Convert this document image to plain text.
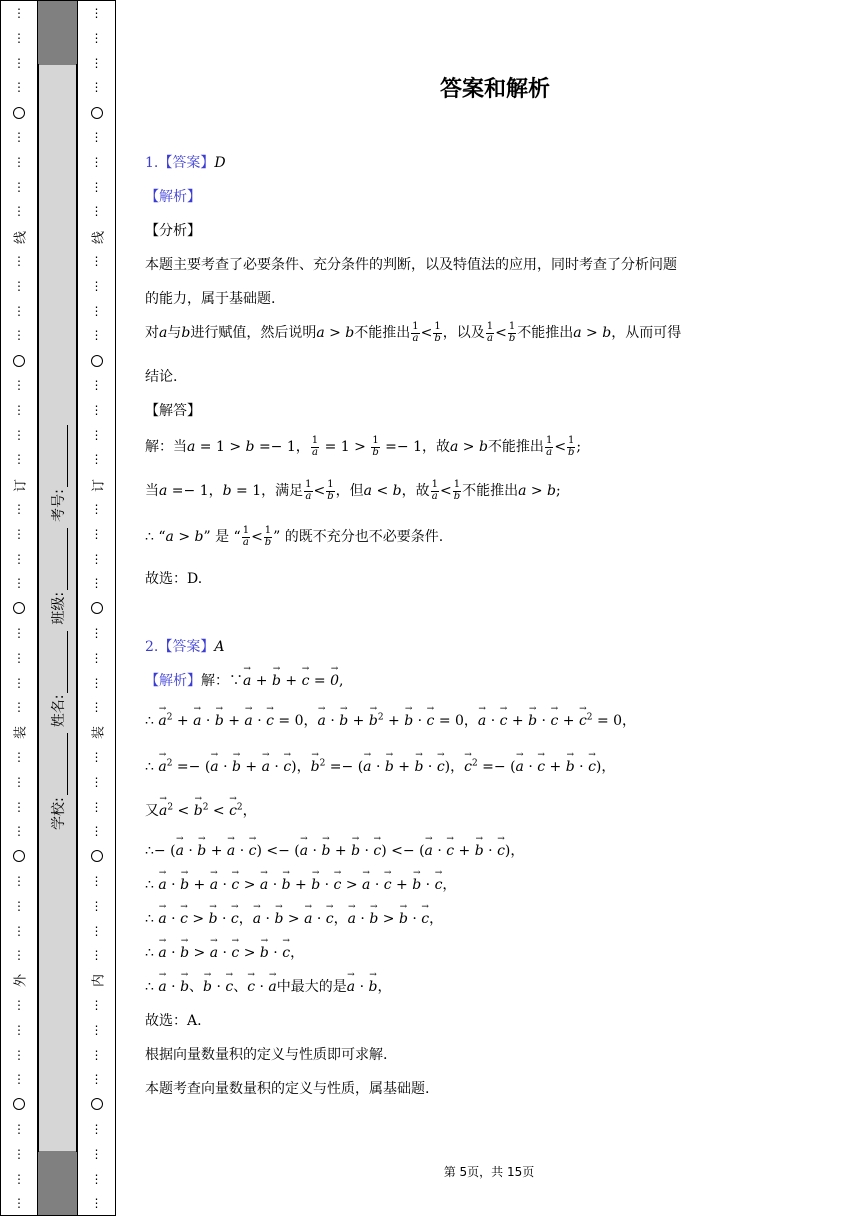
⋮
⋮
⋮
⋮
⋮
⋮
⋮
⋮
⋮
⋮
⋮
⋮
⋮
⋮
⋮
⋮
⋮
⋮
⋮
⋮
⋮
⋮
⋮
⋮
⋮
⋮
⋮
⋮
⋮
⋮
⋮
⋮
⋮
⋮
⋮
⋮
⋮
⋮
⋮
⋮
线
订
装
外
⋮
⋮
⋮
⋮
⋮
⋮
⋮
⋮
⋮
⋮
⋮
⋮
⋮
⋮
⋮
⋮
⋮
⋮
⋮
⋮
⋮
⋮
⋮
⋮
⋮
⋮
⋮
⋮
⋮
⋮
⋮
⋮
⋮
⋮
⋮
⋮
⋮
⋮
⋮
⋮
线
订
装
内
学校:
姓名:
班级:
考号:
答案和解析
1.【答案】D
【解析】
【分析】
本题主要考查了必要条件、充分条件的判断，以及特值法的应用，同时考查了分析问题
的能力，属于基础题.
对a与b进行赋值，然后说明a > b不能推出 $\frac{1}{a} < \frac{1}{b}$ ，以及 $\frac{1}{a} < \frac{1}{b}$ 不能推出a > b，从而可得
结论.
【解答】
解：当a = 1 > b =− 1， $\frac{1}{a} = 1 > \frac{1}{b} =- 1$，故a > b不能推出 $\frac{1}{a} < \frac{1}{b}$ ;
当a =− 1，b = 1，满足 $\frac{1}{a} < \frac{1}{b}$ ，但a < b，故 $\frac{1}{a} < \frac{1}{b}$ 不能推出a > b;
∴ “a > b” 是 “ $\frac{1}{a} < \frac{1}{b}$ ” 的既不充分也不必要条件.
故选：D.
2.【答案】A
【解析】解：∵→ a + → b + → c = → 0,
∴ → $a^2$ + → a · → b + → a · → c = 0，→ a · → b + → $b^2$ + → b · → c = 0，→ a · → c + → b · → c + → $c^2 = 0$，
∴ → $a^2$ =− (→ a · → b + → a · → c)，→ $b^2$ =− (→ a · → b + → b · → c)，→ $c^2$ =− (→ a · → c + → b · → c)，
又→ $a^2$ < → $b^2$ < → $c^2$，
∴− (→ a · → b + → a · → c) <− (→ a · → b + → b · → c) <− (→ a · → c + → b · → c)，
∴ → a · → b + → a · → c > → a · → b + → b · → c > → a · → c + → b · → c，
∴ → a · → c > → b · → c，→ a · → b > → a · → c，→ a · → b > → b · → c，
∴ → a · → b > → a · → c > → b · → c，
∴ → a · → b、→ b · → c、→ c · → a中最大的是→ a · → b，
故选：A.
根据向量数量积的定义与性质即可求解.
本题考查向量数量积的定义与性质，属基础题.
第 5页，共 15页
